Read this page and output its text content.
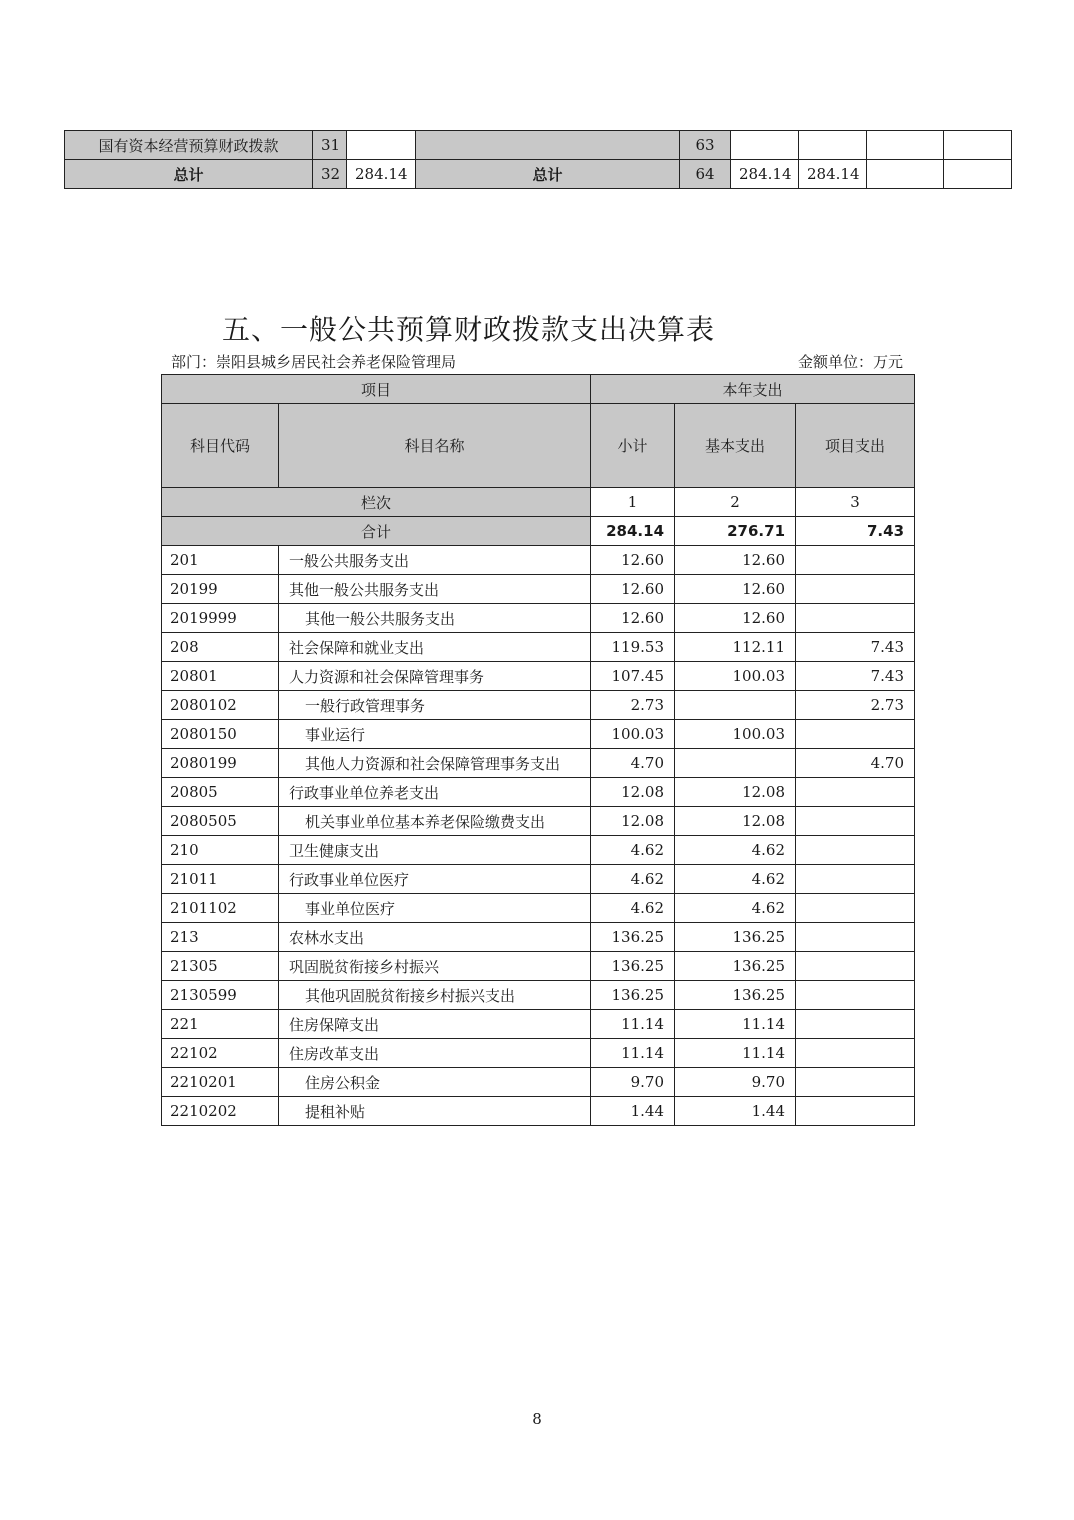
国有资本经营预算财政拨款	31			63				
总计	32	284.14	总计	64	284.14	284.14		
五、一般公共预算财政拨款支出决算表
部门：崇阳县城乡居民社会养老保险管理局	金额单位：万元
项目		本年支出		
科目代码	科目名称	小计	基本支出	项目支出
栏次		1	2	3
合计		284.14	276.71	7.43
201	一般公共服务支出	12.60	12.60	
20199	其他一般公共服务支出	12.60	12.60	
2019999	其他一般公共服务支出	12.60	12.60	
208	社会保障和就业支出	119.53	112.11	7.43
20801	人力资源和社会保障管理事务	107.45	100.03	7.43
2080102	一般行政管理事务	2.73		2.73
2080150	事业运行	100.03	100.03	
2080199	其他人力资源和社会保障管理事务支出	4.70		4.70
20805	行政事业单位养老支出	12.08	12.08	
2080505	机关事业单位基本养老保险缴费支出	12.08	12.08	
210	卫生健康支出	4.62	4.62	
21011	行政事业单位医疗	4.62	4.62	
2101102	事业单位医疗	4.62	4.62	
213	农林水支出	136.25	136.25	
21305	巩固脱贫衔接乡村振兴	136.25	136.25	
2130599	其他巩固脱贫衔接乡村振兴支出	136.25	136.25	
221	住房保障支出	11.14	11.14	
22102	住房改革支出	11.14	11.14	
2210201	住房公积金	9.70	9.70	
2210202	提租补贴	1.44	1.44	
8
